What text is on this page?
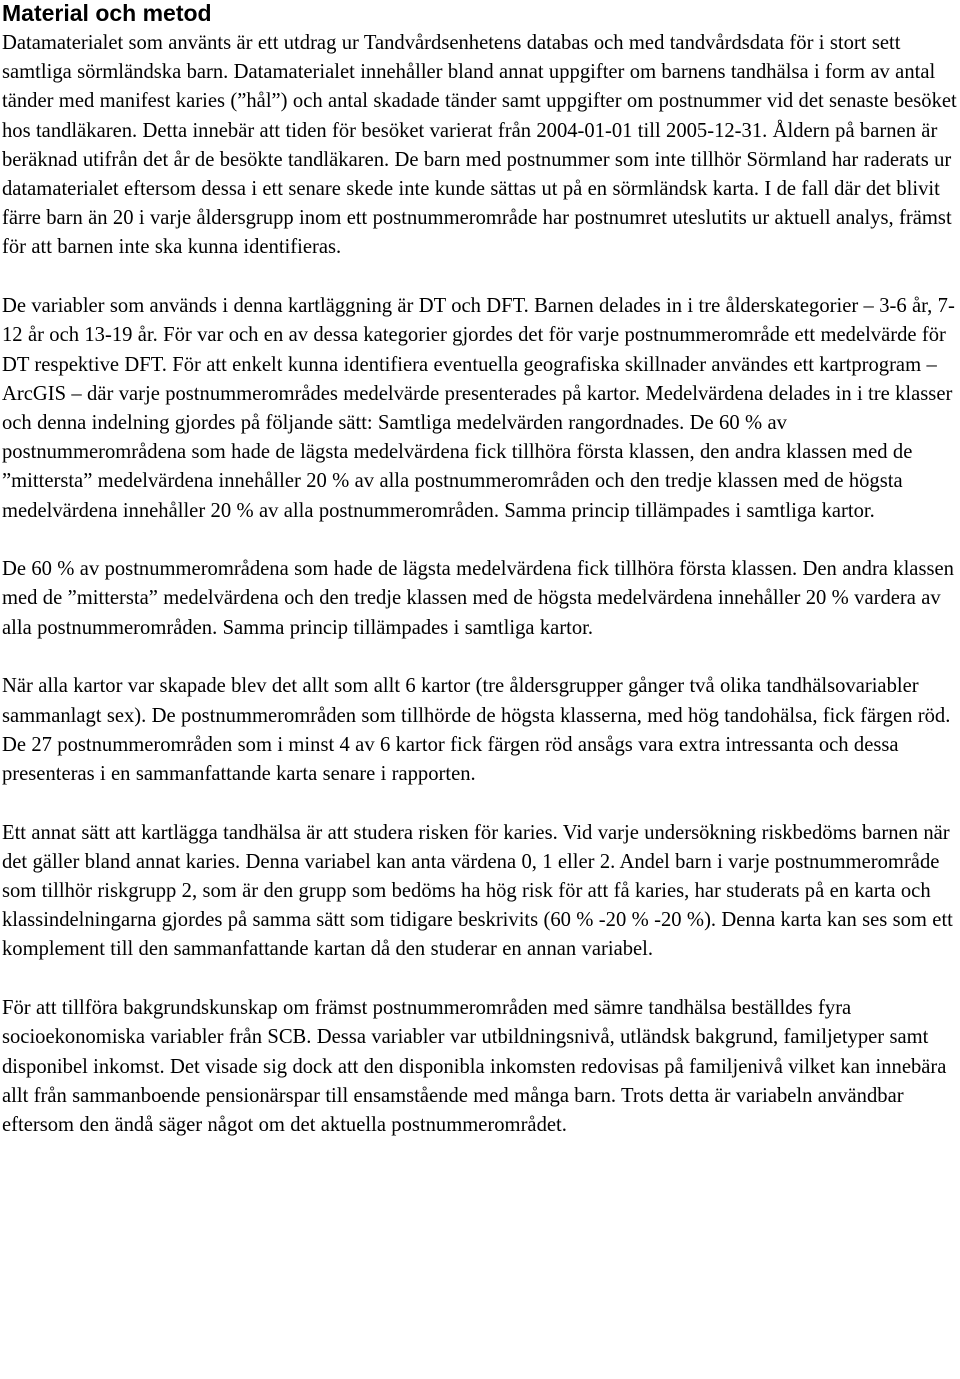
Material och metod

Datamaterialet som använts är ett utdrag ur Tandvårdsenhetens databas och med tandvårdsdata för i stort sett samtliga sörmländska barn. Datamaterialet innehåller bland annat uppgifter om barnens tandhälsa i form av antal tänder med manifest karies (”hål”) och antal skadade tänder samt uppgifter om postnummer vid det senaste besöket hos tandläkaren. Detta innebär att tiden för besöket varierat från 2004-01-01 till 2005-12-31. Åldern på barnen är beräknad utifrån det år de besökte tandläkaren. De barn med postnummer som inte tillhör Sörmland har raderats ur datamaterialet eftersom dessa i ett senare skede inte kunde sättas ut på en sörmländsk karta. I de fall där det blivit färre barn än 20 i varje åldersgrupp inom ett postnummerområde har postnumret uteslutits ur aktuell analys, främst för att barnen inte ska kunna identifieras.

De variabler som används i denna kartläggning är DT och DFT. Barnen delades in i tre ålderskategorier – 3-6 år, 7-12 år och 13-19 år. För var och en av dessa kategorier gjordes det för varje postnummerområde ett medelvärde för DT respektive DFT. För att enkelt kunna identifiera eventuella geografiska skillnader användes ett kartprogram – ArcGIS – där varje postnummerområdes medelvärde presenterades på kartor. Medelvärdena delades in i tre klasser och denna indelning gjordes på följande sätt: Samtliga medelvärden rangordnades. De 60 % av postnummerområdena som hade de lägsta medelvärdena fick tillhöra första klassen, den andra klassen med de ”mittersta” medelvärdena innehåller 20 % av alla postnummerområden och den tredje klassen med de högsta medelvärdena innehåller 20 % av alla postnummerområden. Samma princip tillämpades i samtliga kartor.

De 60 % av postnummerområdena som hade de lägsta medelvärdena fick tillhöra första klassen. Den andra klassen med de ”mittersta” medelvärdena och den tredje klassen med de högsta medelvärdena innehåller 20 % vardera av alla postnummerområden. Samma princip tillämpades i samtliga kartor.

När alla kartor var skapade blev det allt som allt 6 kartor (tre åldersgrupper gånger två olika tandhälsovariabler sammanlagt sex). De postnummerområden som tillhörde de högsta klasserna, med hög tandohälsa, fick färgen röd. De 27 postnummerområden som i minst 4 av 6 kartor fick färgen röd ansågs vara extra intressanta och dessa presenteras i en sammanfattande karta senare i rapporten.

Ett annat sätt att kartlägga tandhälsa är att studera risken för karies. Vid varje undersökning riskbedöms barnen när det gäller bland annat karies. Denna variabel kan anta värdena 0, 1 eller 2. Andel barn i varje postnummerområde som tillhör riskgrupp 2, som är den grupp som bedöms ha hög risk för att få karies, har studerats på en karta och klassindelningarna gjordes på samma sätt som tidigare beskrivits (60 % -20 % -20 %). Denna karta kan ses som ett komplement till den sammanfattande kartan då den studerar en annan variabel.

För att tillföra bakgrundskunskap om främst postnummerområden med sämre tandhälsa beställdes fyra socioekonomiska variabler från SCB. Dessa variabler var utbildningsnivå, utländsk bakgrund, familjetyper samt disponibel inkomst. Det visade sig dock att den disponibla inkomsten redovisas på familjenivå vilket kan innebära allt från sammanboende pensionärspar till ensamstående med många barn. Trots detta är variabeln användbar eftersom den ändå säger något om det aktuella postnummerområdet.
